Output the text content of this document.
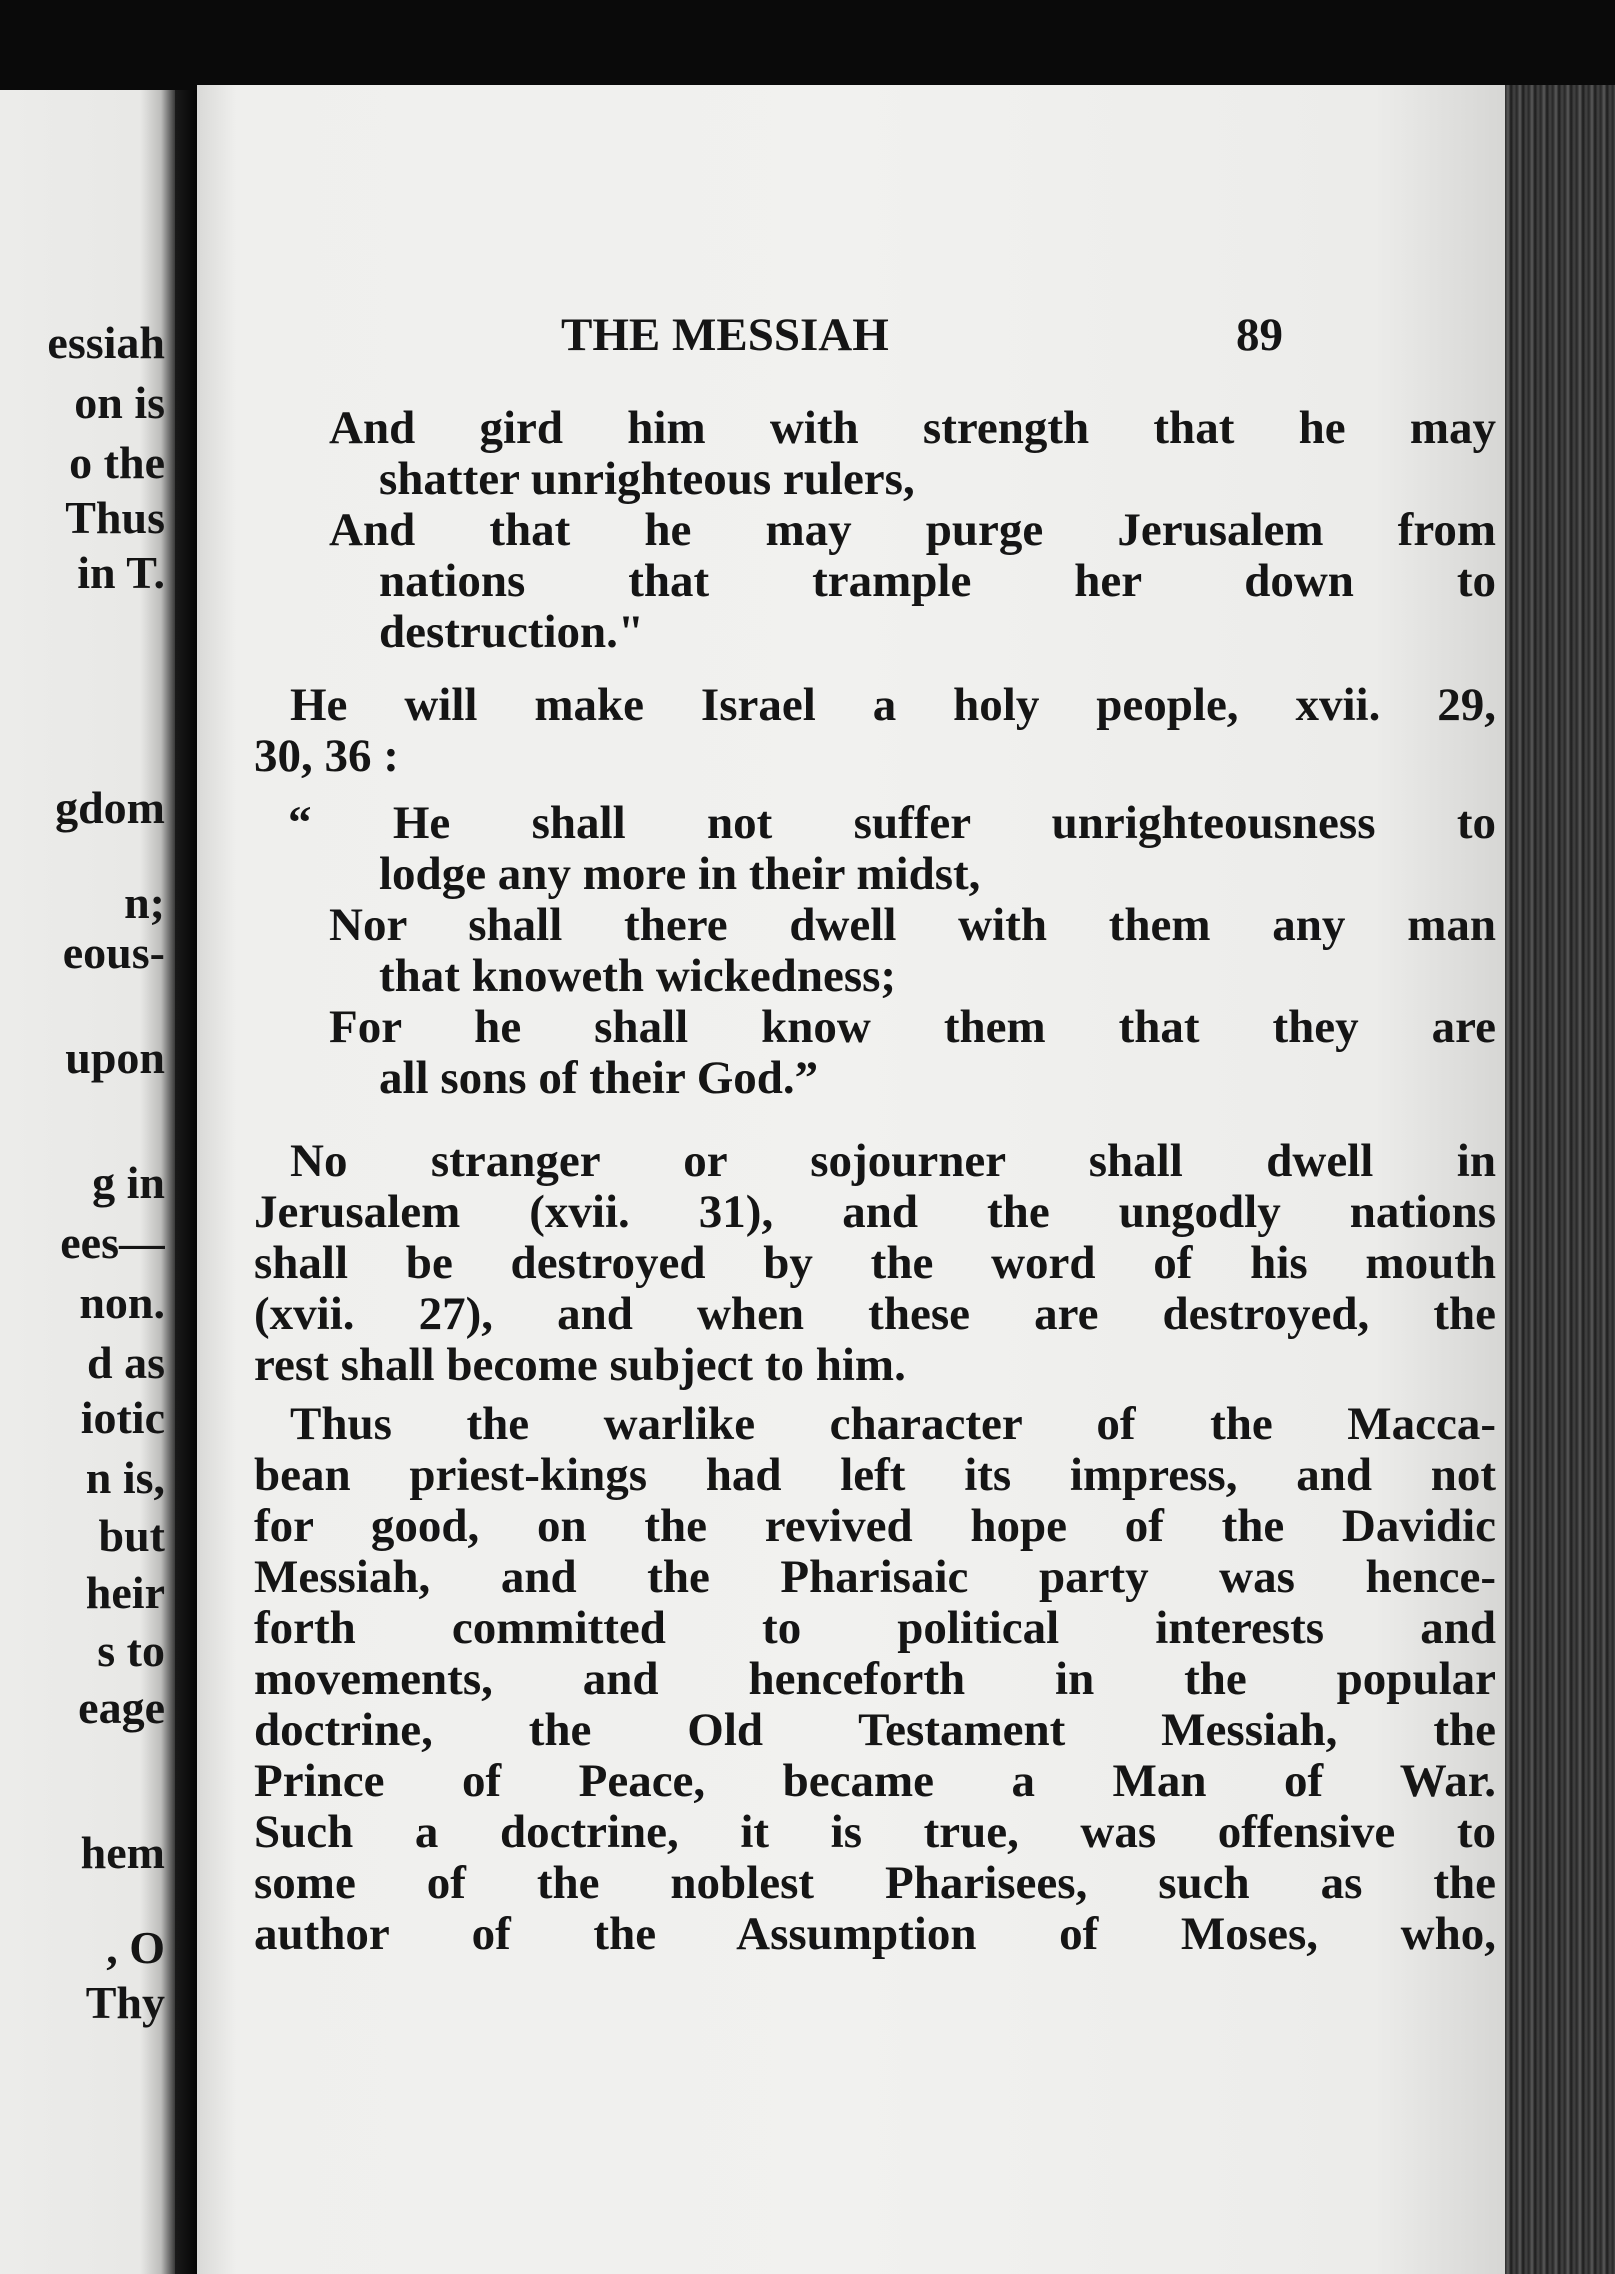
essiah
on is
o the
Thus
in T.
gdom
n;
eous-
upon
g in
ees—
non.
d as
iotic
n is,
but
heir
s to
eage
hem
, O
Thy
THE MESSIAH	89
And gird him with strength that he may
shatter unrighteous rulers,
And that he may purge Jerusalem from
nations that trample her down to
destruction."
He will make Israel a holy people, xvii. 29,
30, 36 :
“ He shall not suffer unrighteousness to
lodge any more in their midst,
Nor shall there dwell with them any man
that knoweth wickedness;
For he shall know them that they are
all sons of their God.”
No stranger or sojourner shall dwell in
Jerusalem (xvii. 31), and the ungodly nations
shall be destroyed by the word of his mouth
(xvii. 27), and when these are destroyed, the
rest shall become subject to him.
Thus the warlike character of the Macca-
bean priest-kings had left its impress, and not
for good, on the revived hope of the Davidic
Messiah, and the Pharisaic party was hence-
forth committed to political interests and
movements, and henceforth in the popular
doctrine, the Old Testament Messiah, the
Prince of Peace, became a Man of War.
Such a doctrine, it is true, was offensive to
some of the noblest Pharisees, such as the
author of the Assumption of Moses, who,
